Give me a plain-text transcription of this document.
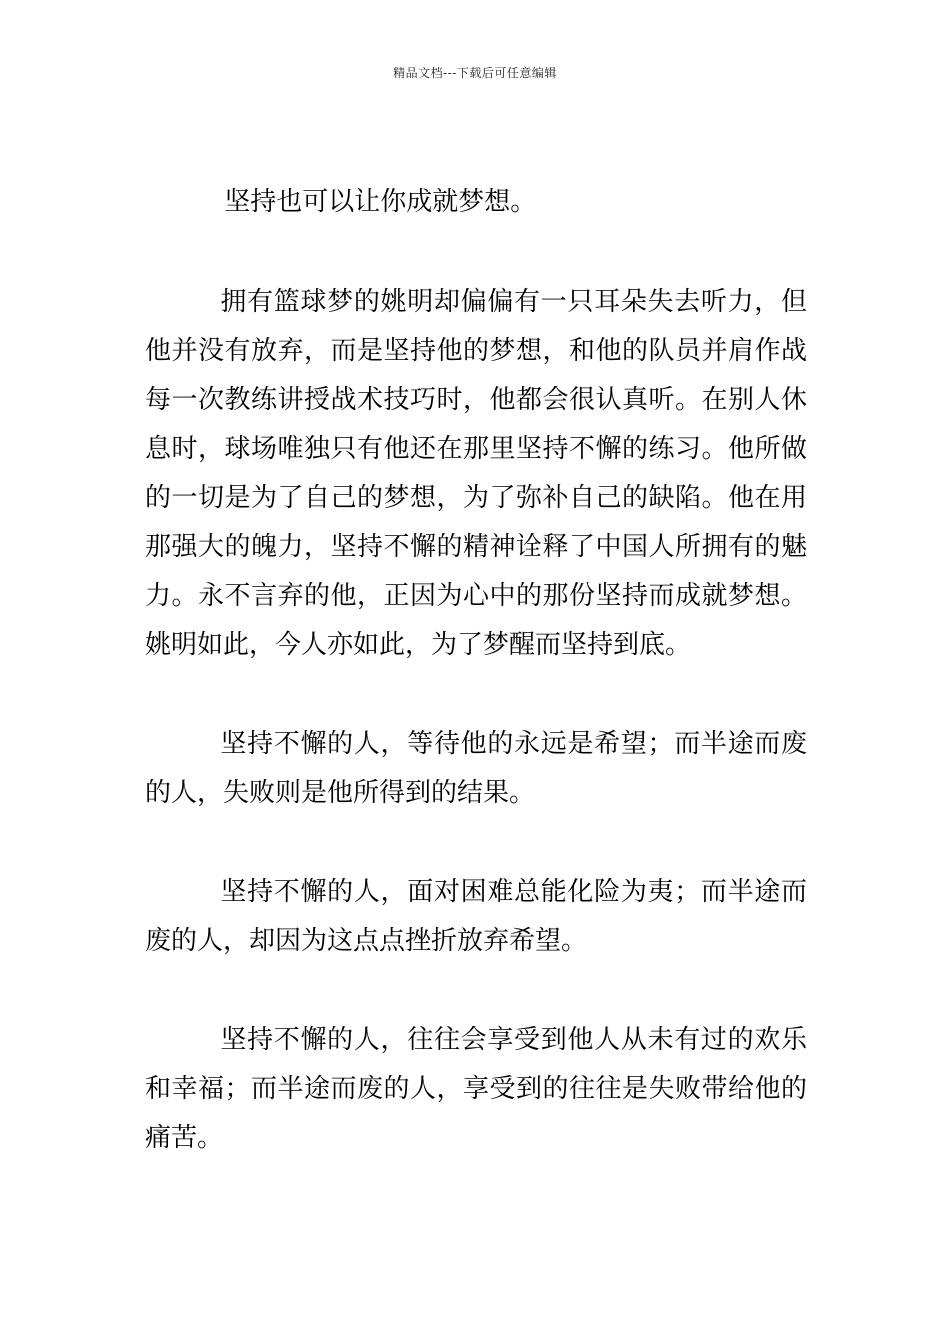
精品文档---下载后可任意编辑

坚持也可以让你成就梦想。

拥有篮球梦的姚明却偏偏有一只耳朵失去听力，但他并没有放弃，而是坚持他的梦想，和他的队员并肩作战每一次教练讲授战术技巧时，他都会很认真听。在别人休息时，球场唯独只有他还在那里坚持不懈的练习。他所做的一切是为了自己的梦想，为了弥补自己的缺陷。他在用那强大的魄力，坚持不懈的精神诠释了中国人所拥有的魅力。永不言弃的他，正因为心中的那份坚持而成就梦想。姚明如此，今人亦如此，为了梦醒而坚持到底。

坚持不懈的人，等待他的永远是希望；而半途而废的人，失败则是他所得到的结果。

坚持不懈的人，面对困难总能化险为夷；而半途而废的人，却因为这点点挫折放弃希望。

坚持不懈的人，往往会享受到他人从未有过的欢乐和幸福；而半途而废的人，享受到的往往是失败带给他的痛苦。
